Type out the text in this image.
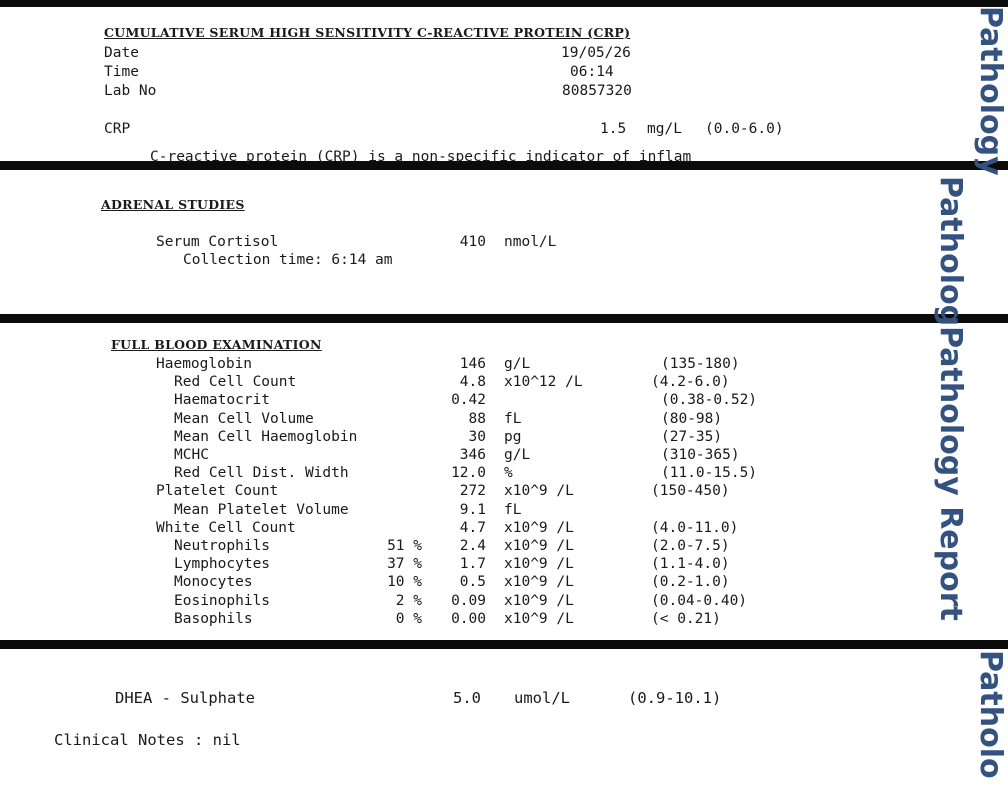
CUMULATIVE SERUM HIGH SENSITIVITY C-REACTIVE PROTEIN (CRP)
Date	19/05/26
Time	06:14
Lab No	80857320
CRP	1.5 mg/L (0.0-6.0)
C-reactive protein (CRP) is a non-specific indicator of inflam
ADRENAL STUDIES
Serum Cortisol	410 nmol/L
Collection time: 6:14 am
FULL BLOOD EXAMINATION
Haemoglobin	146 g/L	(135-180)
Red Cell Count	4.8 x10^12 /L	(4.2-6.0)
Haematocrit	0.42	(0.38-0.52)
Mean Cell Volume	88 fL	(80-98)
Mean Cell Haemoglobin	30 pg	(27-35)
MCHC	346 g/L	(310-365)
Red Cell Dist. Width	12.0 %	(11.0-15.5)
Platelet Count	272 x10^9 /L	(150-450)
Mean Platelet Volume	9.1 fL
White Cell Count	4.7 x10^9 /L	(4.0-11.0)
Neutrophils	51 %	2.4 x10^9 /L	(2.0-7.5)
Lymphocytes	37 %	1.7 x10^9 /L	(1.1-4.0)
Monocytes	10 %	0.5 x10^9 /L	(0.2-1.0)
Eosinophils	2 %	0.09 x10^9 /L	(0.04-0.40)
Basophils	0 %	0.00 x10^9 /L	(< 0.21)
DHEA - Sulphate	5.0 umol/L	(0.9-10.1)
Clinical Notes : nil
Pathology
PathologPathology Report
Patholo
